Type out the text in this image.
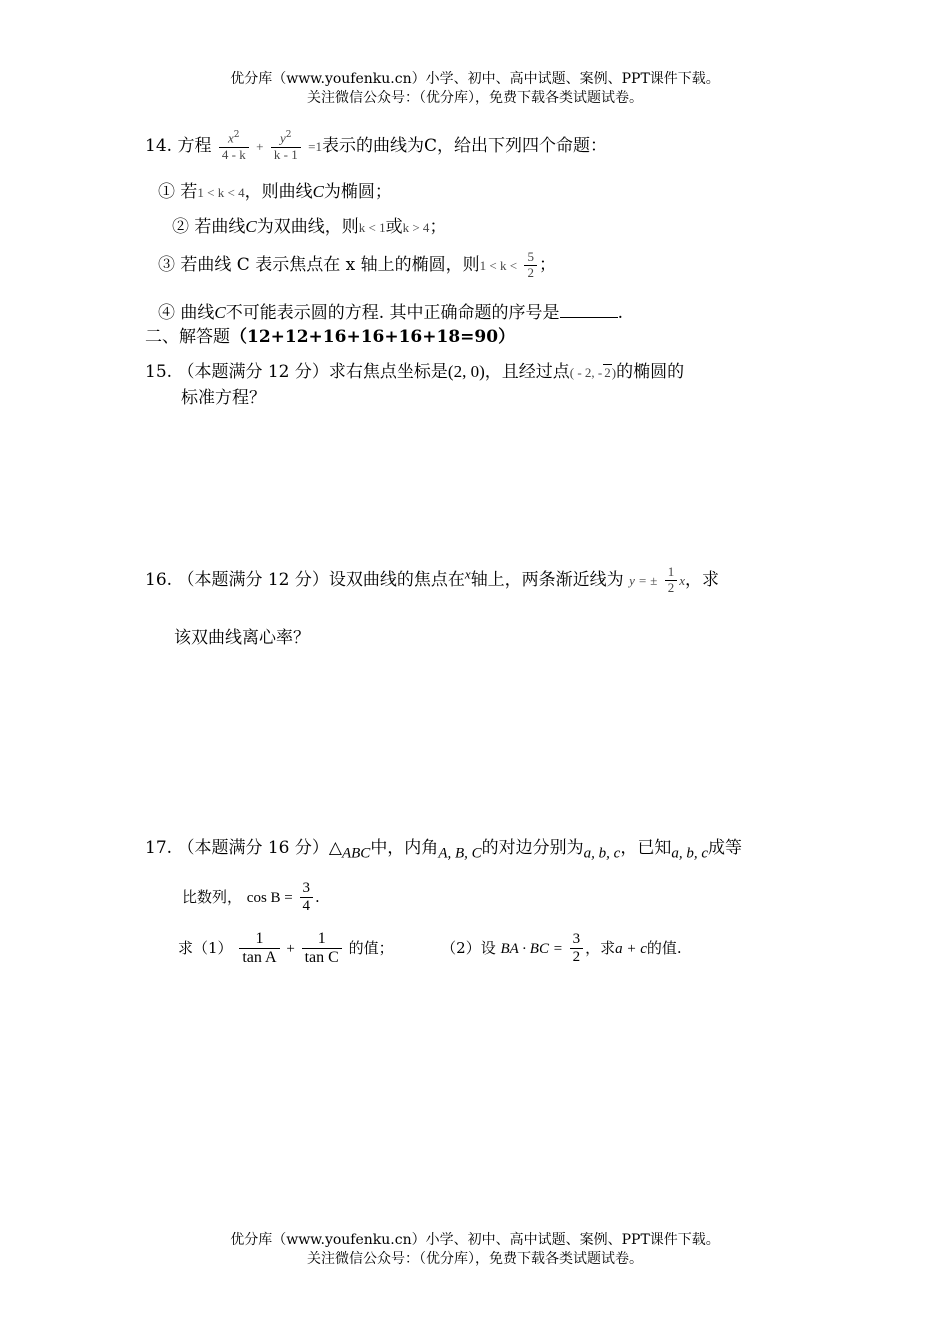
优分库（www.youfenku.cn）小学、初中、高中试题、案例、PPT课件下载。
关注微信公众号：（优分库），免费下载各类试题试卷。
14. 方程 $\frac{x^2}{4 - k} + \frac{y^2}{k - 1} =1$表示的曲线为C，给出下列四个命题：
① 若1 < k < 4，则曲线C为椭圆；
② 若曲线C为双曲线，则k < 1或k > 4；
③ 若曲线 C 表示焦点在 x 轴上的椭圆，则$1 < k < \frac{5}{2}$ ；
④ 曲线C不可能表示圆的方程. 其中正确命题的序号是	.
二、解答题（12+12+16+16+16+18=90）
15. （本题满分 12 分）求右焦点坐标是(2, 0)，且经过点( - 2, - 2)的椭圆的
标准方程？
16. （本题满分 12 分）设双曲线的焦点在$^x$轴上，两条渐近线为 y = ± $\frac{1}{2}$ x，求
该双曲线离心率？
17. （本题满分 16 分）$\triangle_{ABC}$中，内角$_{A, B, C}$的对边分别为$_{a, b, c}$，已知$_{a, b, c}$成等
比数列， $\cos B = \frac{3}{4}$ .
求$(1) \frac{1}{\text{tan A}} + \frac{1}{\text{tan C}}$ 的值；	（2）设 BA · BC = $\frac{3}{2}$ ，求a + c的值.
优分库（www.youfenku.cn）小学、初中、高中试题、案例、PPT课件下载。
关注微信公众号：（优分库），免费下载各类试题试卷。
